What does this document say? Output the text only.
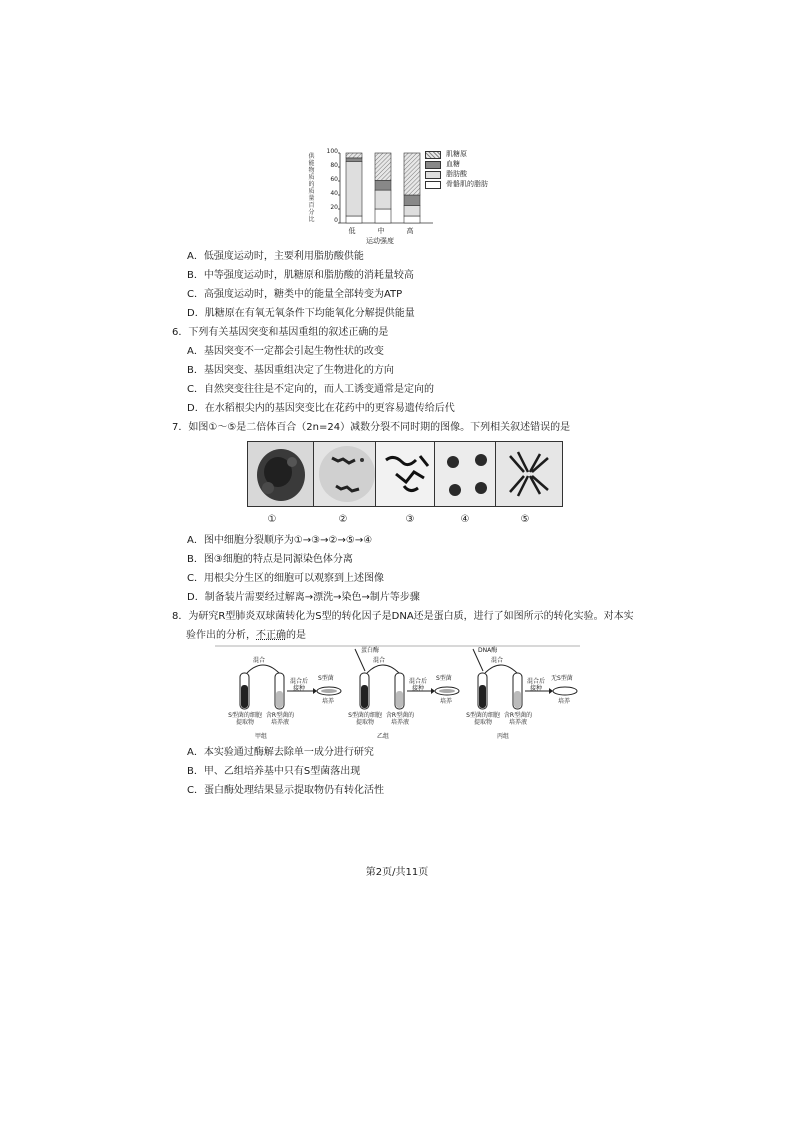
供能物质的质量百分比
100
80
60
40
20
0
低	中	高
运动强度
肌糖原
血糖
脂肪酸
骨骼肌的脂肪
A．低强度运动时，主要利用脂肪酸供能
B．中等强度运动时，肌糖原和脂肪酸的消耗量较高
C．高强度运动时，糖类中的能量全部转变为ATP
D．肌糖原在有氧无氧条件下均能氧化分解提供能量
6．下列有关基因突变和基因重组的叙述正确的是
A．基因突变不一定都会引起生物性状的改变
B．基因突变、基因重组决定了生物进化的方向
C．自然突变往往是不定向的，而人工诱变通常是定向的
D．在水稻根尖内的基因突变比在花药中的更容易遗传给后代
7．如图①～⑤是二倍体百合（2n=24）减数分裂不同时期的图像。下列相关叙述错误的是
①	②	③	④	⑤
A．图中细胞分裂顺序为①→③→②→⑤→④
B．图③细胞的特点是同源染色体分离
C．用根尖分生区的细胞可以观察到上述图像
D．制备装片需要经过解离→漂洗→染色→制片等步骤
8．为研究R型肺炎双球菌转化为S型的转化因子是DNA还是蛋白质，进行了如图所示的转化实验。对本实
验作出的分析，不正确的是
混合	混合	混合
蛋白酶	DNA酶
混合后接种
混合后接种
混合后接种
S型菌	S型菌	无S型菌
培养	培养	培养
S型菌的细胞提取物
含R型菌的培养液
S型菌的细胞提取物
含R型菌的培养液
S型菌的细胞提取物
含R型菌的培养液
甲组	乙组	丙组
A．本实验通过酶解去除单一成分进行研究
B．甲、乙组培养基中只有S型菌落出现
C．蛋白酶处理结果显示提取物仍有转化活性
第2页/共11页
